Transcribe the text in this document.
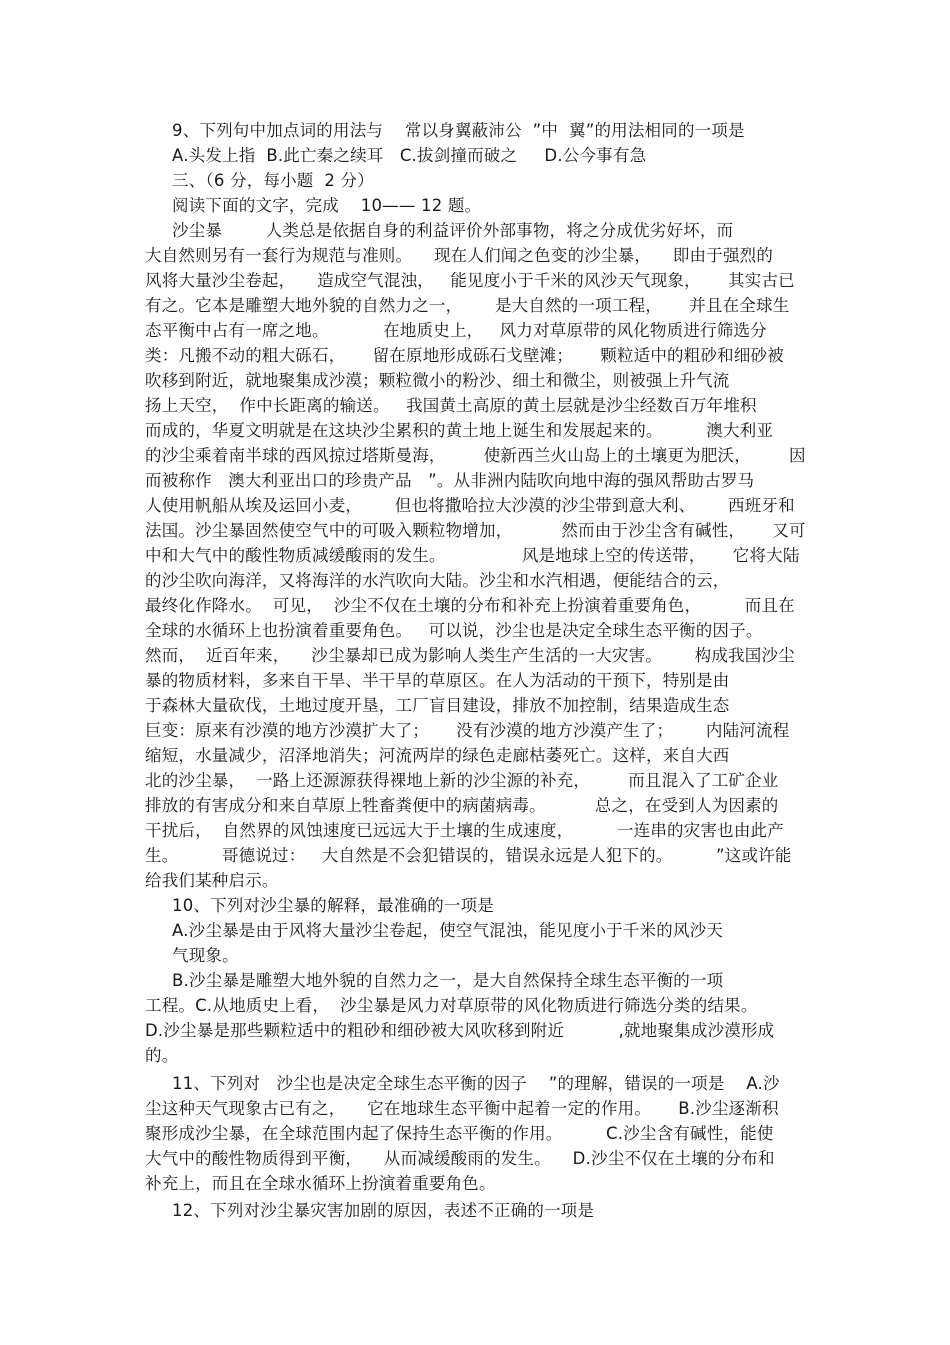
9、下列句中加点词的用法与    常以身翼蔽沛公  ”中  翼”的用法相同的一项是
A.头发上指  B.此亡秦之续耳   C.拔剑撞而破之     D.公今事有急
三、（6 分，每小题  2 分）
阅读下面的文字，完成    10—— 12 题。
沙尘暴        人类总是依据自身的利益评价外部事物，将之分成优劣好坏，而
大自然则另有一套行为规范与准则。    现在人们闻之色变的沙尘暴，    即由于强烈的
风将大量沙尘卷起，    造成空气混浊，   能见度小于千米的风沙天气现象，     其实古已
有之。它本是雕塑大地外貌的自然力之一，      是大自然的一项工程，     并且在全球生
态平衡中占有一席之地。          在地质史上，   风力对草原带的风化物质进行筛选分
类：凡搬不动的粗大砾石，     留在原地形成砾石戈壁滩；     颗粒适中的粗砂和细砂被
吹移到附近，就地聚集成沙漠；颗粒微小的粉沙、细土和微尘，则被强上升气流
扬上天空，  作中长距离的输送。   我国黄土高原的黄土层就是沙尘经数百万年堆积
而成的，华夏文明就是在这块沙尘累积的黄土地上诞生和发展起来的。        澳大利亚
的沙尘乘着南半球的西风掠过塔斯曼海，       使新西兰火山岛上的土壤更为肥沃，       因
而被称作   澳大利亚出口的珍贵产品   ”。从非洲内陆吹向地中海的强风帮助古罗马
人使用帆船从埃及运回小麦，      但也将撒哈拉大沙漠的沙尘带到意大利、      西班牙和
法国。沙尘暴固然使空气中的可吸入颗粒物增加，         然而由于沙尘含有碱性，     又可
中和大气中的酸性物质减缓酸雨的发生。              风是地球上空的传送带，     它将大陆
的沙尘吹向海洋，又将海洋的水汽吹向大陆。沙尘和水汽相遇，便能结合的云，
最终化作降水。  可见，  沙尘不仅在土壤的分布和补充上扮演着重要角色，        而且在
全球的水循环上也扮演着重要角色。   可以说，沙尘也是决定全球生态平衡的因子。
然而，  近百年来，    沙尘暴却已成为影响人类生产生活的一大灾害。      构成我国沙尘
暴的物质材料，多来自干旱、半干旱的草原区。在人为活动的干预下，特别是由
于森林大量砍伐，土地过度开垦，工厂盲目建设，排放不加控制，结果造成生态
巨变：原来有沙漠的地方沙漠扩大了；     没有沙漠的地方沙漠产生了；      内陆河流程
缩短，水量减少，沼泽地消失；河流两岸的绿色走廊枯萎死亡。这样，来自大西
北的沙尘暴，  一路上还源源获得裸地上新的沙尘源的补充，       而且混入了工矿企业
排放的有害成分和来自草原上牲畜粪便中的病菌病毒。         总之，在受到人为因素的
干扰后，  自然界的风蚀速度已远远大于土壤的生成速度，        一连串的灾害也由此产
生。        哥德说过：   大自然是不会犯错误的，错误永远是人犯下的。        ”这或许能
给我们某种启示。
10、下列对沙尘暴的解释，最准确的一项是
A.沙尘暴是由于风将大量沙尘卷起，使空气混浊，能见度小于千米的风沙天
气现象。
B.沙尘暴是雕塑大地外貌的自然力之一，是大自然保持全球生态平衡的一项
工程。C.从地质史上看，  沙尘暴是风力对草原带的风化物质进行筛选分类的结果。
D.沙尘暴是那些颗粒适中的粗砂和细砂被大风吹移到附近          ,就地聚集成沙漠形成
的。
11、下列对   沙尘也是决定全球生态平衡的因子    ”的理解，错误的一项是    A.沙
尘这种天气现象古已有之，    它在地球生态平衡中起着一定的作用。     B.沙尘逐渐积
聚形成沙尘暴，在全球范围内起了保持生态平衡的作用。        C.沙尘含有碱性，能使
大气中的酸性物质得到平衡，    从而减缓酸雨的发生。    D.沙尘不仅在土壤的分布和
补充上，而且在全球水循环上扮演着重要角色。
12、下列对沙尘暴灾害加剧的原因，表述不正确的一项是
